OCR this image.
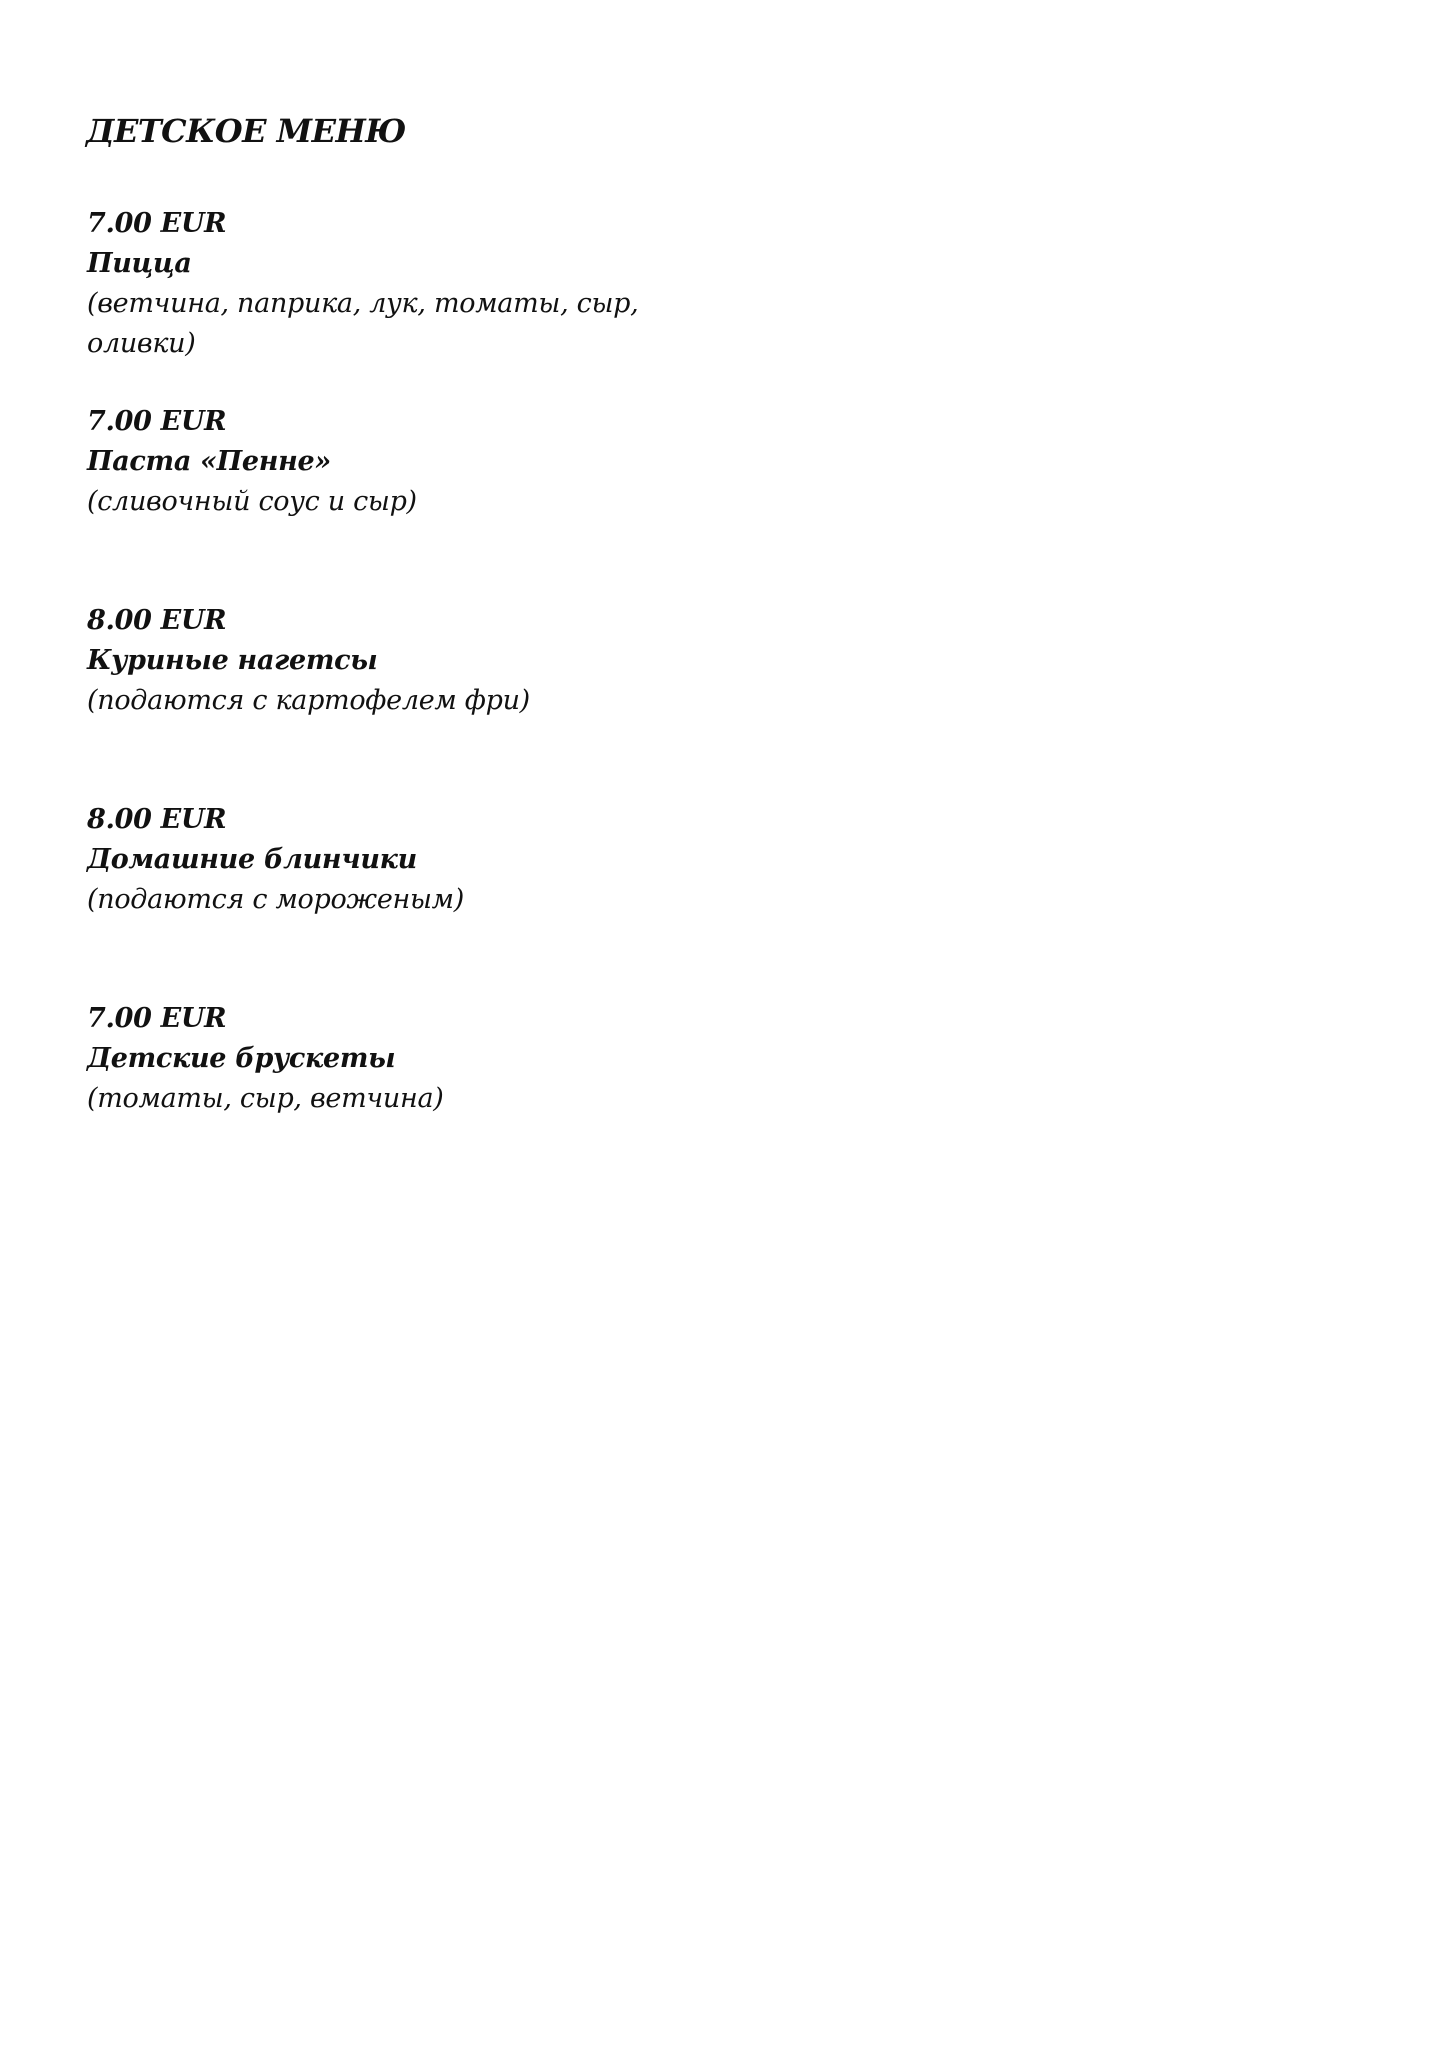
ДЕТСКОЕ МЕНЮ
7.00 EUR
Пицца
(ветчина, паприка, лук, томаты, сыр, оливки)
7.00 EUR
Паста «Пенне»
(сливочный соус и сыр)
8.00 EUR
Куриные нагетсы
(подаются с картофелем фри)
8.00 EUR
Домашние блинчики
(подаются с мороженым)
7.00 EUR
Детские брускеты
(томаты, сыр, ветчина)
